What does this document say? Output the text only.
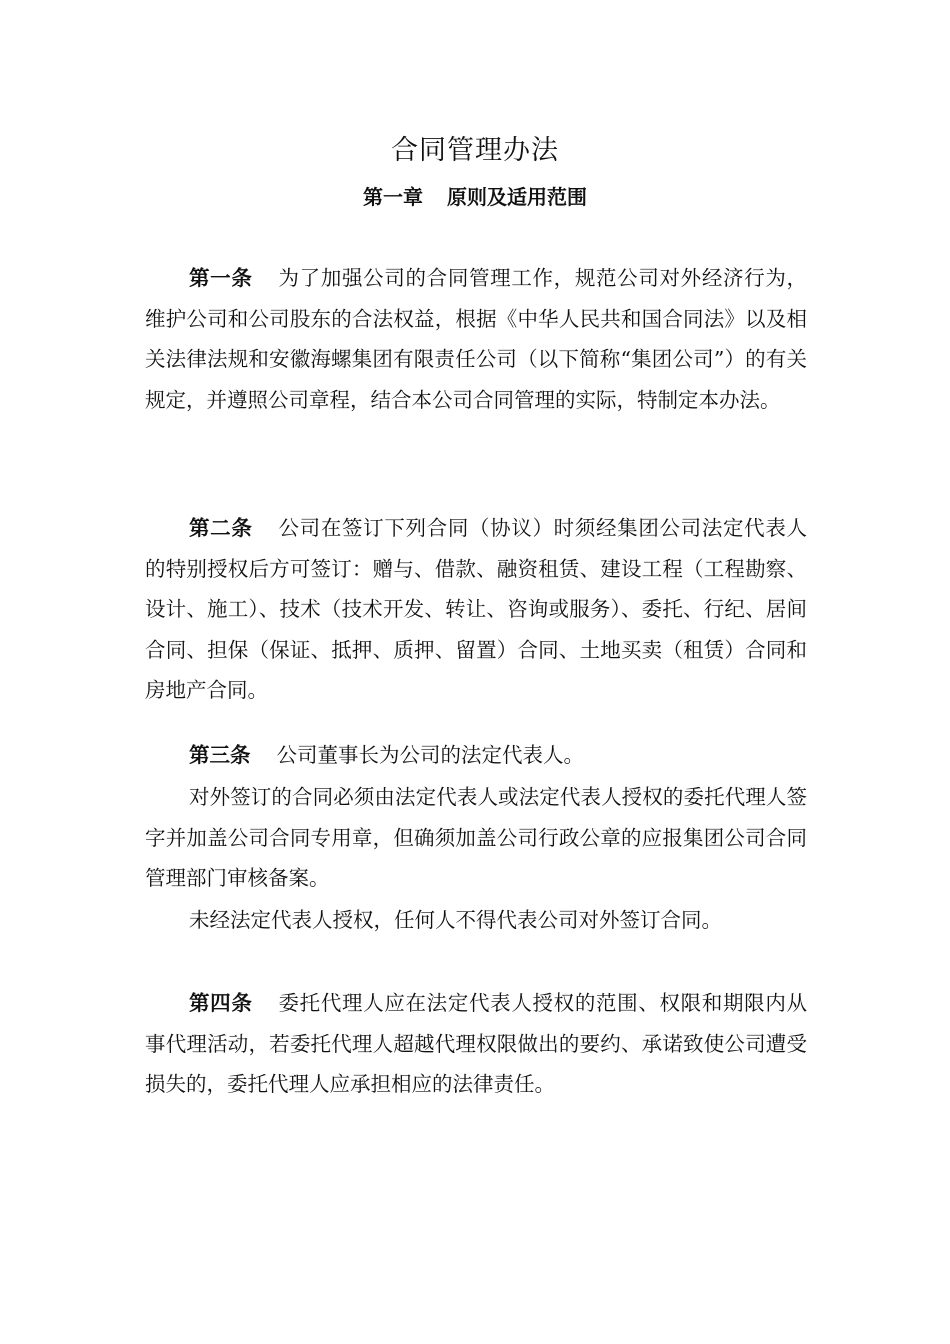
合同管理办法
第一章 原则及适用范围

第一条 为了加强公司的合同管理工作，规范公司对外经济行为，维护公司和公司股东的合法权益，根据《中华人民共和国合同法》以及相关法律法规和安徽海螺集团有限责任公司（以下简称“集团公司”）的有关规定，并遵照公司章程，结合本公司合同管理的实际，特制定本办法。

第二条 公司在签订下列合同（协议）时须经集团公司法定代表人的特别授权后方可签订：赠与、借款、融资租赁、建设工程（工程勘察、设计、施工）、技术（技术开发、转让、咨询或服务）、委托、行纪、居间合同、担保（保证、抵押、质押、留置）合同、土地买卖（租赁）合同和房地产合同。

第三条 公司董事长为公司的法定代表人。

对外签订的合同必须由法定代表人或法定代表人授权的委托代理人签字并加盖公司合同专用章，但确须加盖公司行政公章的应报集团公司合同管理部门审核备案。

未经法定代表人授权，任何人不得代表公司对外签订合同。

第四条 委托代理人应在法定代表人授权的范围、权限和期限内从事代理活动，若委托代理人超越代理权限做出的要约、承诺致使公司遭受损失的，委托代理人应承担相应的法律责任。
